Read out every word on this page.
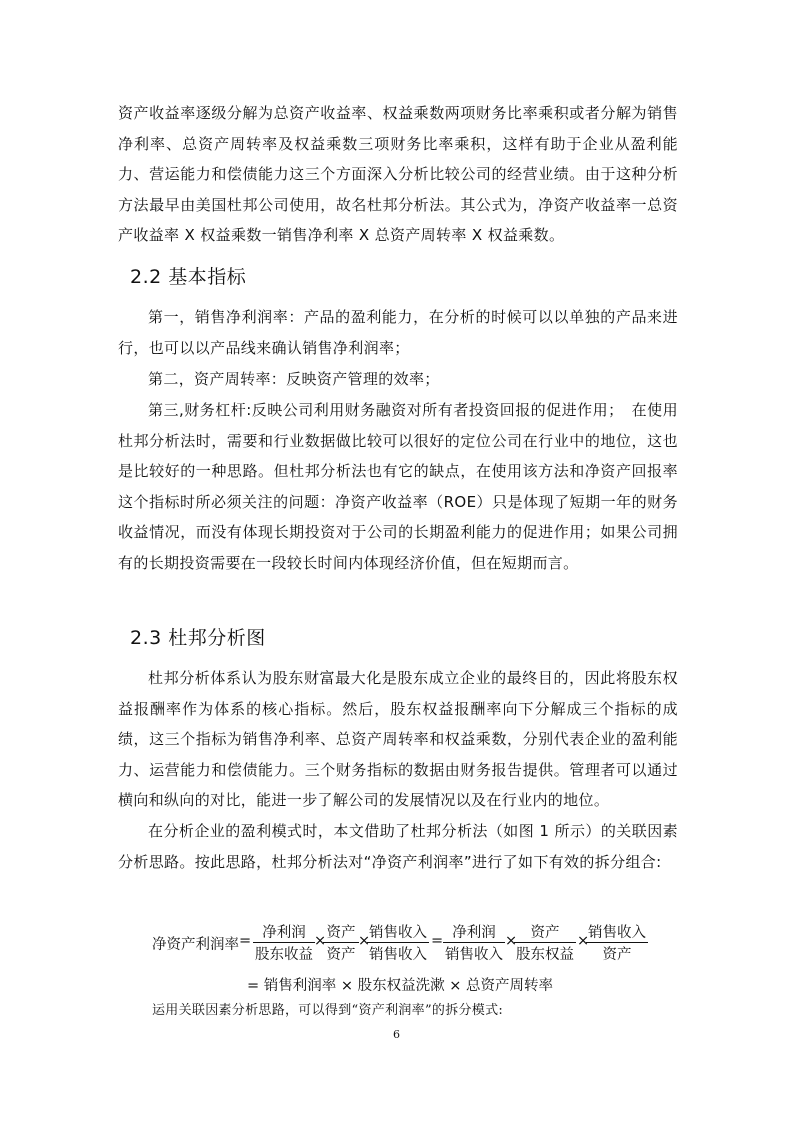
资产收益率逐级分解为总资产收益率、权益乘数两项财务比率乘积或者分解为销售净利率、总资产周转率及权益乘数三项财务比率乘积，这样有助于企业从盈利能力、营运能力和偿债能力这三个方面深入分析比较公司的经营业绩。由于这种分析方法最早由美国杜邦公司使用，故名杜邦分析法。其公式为，净资产收益率一总资产收益率 X 权益乘数一销售净利率 X 总资产周转率 X 权益乘数。

2.2 基本指标

第一，销售净利润率：产品的盈利能力，在分析的时候可以以单独的产品来进行，也可以以产品线来确认销售净利润率；

第二，资产周转率：反映资产管理的效率；

第三,财务杠杆:反映公司利用财务融资对所有者投资回报的促进作用；　在使用杜邦分析法时，需要和行业数据做比较可以很好的定位公司在行业中的地位，这也是比较好的一种思路。但杜邦分析法也有它的缺点，在使用该方法和净资产回报率这个指标时所必须关注的问题：净资产收益率（ROE）只是体现了短期一年的财务收益情况，而没有体现长期投资对于公司的长期盈利能力的促进作用；如果公司拥有的长期投资需要在一段较长时间内体现经济价值，但在短期而言。

2.3 杜邦分析图

杜邦分析体系认为股东财富最大化是股东成立企业的最终目的，因此将股东权益报酬率作为体系的核心指标。然后，股东权益报酬率向下分解成三个指标的成绩，这三个指标为销售净利率、总资产周转率和权益乘数，分别代表企业的盈利能力、运营能力和偿债能力。三个财务指标的数据由财务报告提供。管理者可以通过横向和纵向的对比，能进一步了解公司的发展情况以及在行业内的地位。

在分析企业的盈利模式时，本文借助了杜邦分析法（如图 1 所示）的关联因素分析思路。按此思路，杜邦分析法对“净资产利润率”进行了如下有效的拆分组合:

净资产利润率 = 净利润
股东收益
× 资产
资产
×
销售收入
销售收入
= 净利润
销售收入
× 资产
股东权益
×
销售收入
资产
= 销售利润率 × 股东权益洗漱 × 总资产周转率
运用关联因素分析思路，可以得到“资产利润率”的拆分模式:
6
